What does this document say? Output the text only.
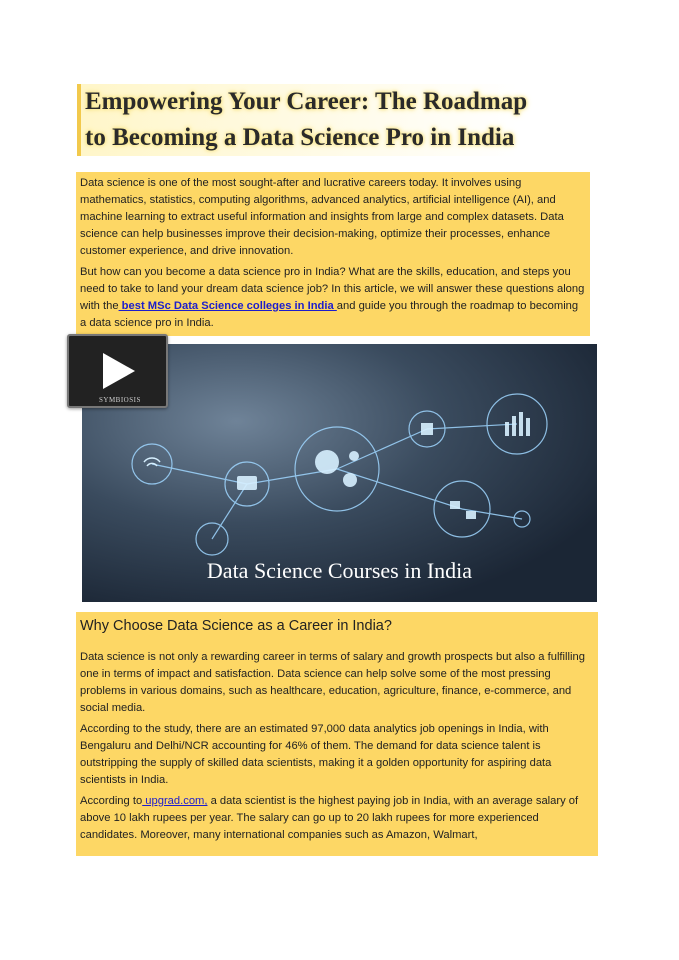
Empowering Your Career: The Roadmap
to Becoming a Data Science Pro in India

Data science is one of the most sought-after and lucrative careers today. It involves using mathematics, statistics, computing algorithms, advanced analytics, artificial intelligence (AI), and machine learning to extract useful information and insights from large and complex datasets. Data science can help businesses improve their decision-making, optimize their processes, enhance customer experience, and drive innovation.

But how can you become a data science pro in India? What are the skills, education, and steps you need to take to land your dream data science job? In this article, we will answer these questions along with the best MSc Data Science colleges in India and guide you through the roadmap to becoming a data science pro in India.

Data Science Courses in India
SYMBIOSIS
Why Choose Data Science as a Career in India?

Data science is not only a rewarding career in terms of salary and growth prospects but also a fulfilling one in terms of impact and satisfaction. Data science can help solve some of the most pressing problems in various domains, such as healthcare, education, agriculture, finance, e-commerce, and social media.

According to the study, there are an estimated 97,000 data analytics job openings in India, with Bengaluru and Delhi/NCR accounting for 46% of them. The demand for data science talent is outstripping the supply of skilled data scientists, making it a golden opportunity for aspiring data scientists in India.

According to upgrad.com, a data scientist is the highest paying job in India, with an average salary of above 10 lakh rupees per year. The salary can go up to 20 lakh rupees for more experienced candidates. Moreover, many international companies such as Amazon, Walmart,
